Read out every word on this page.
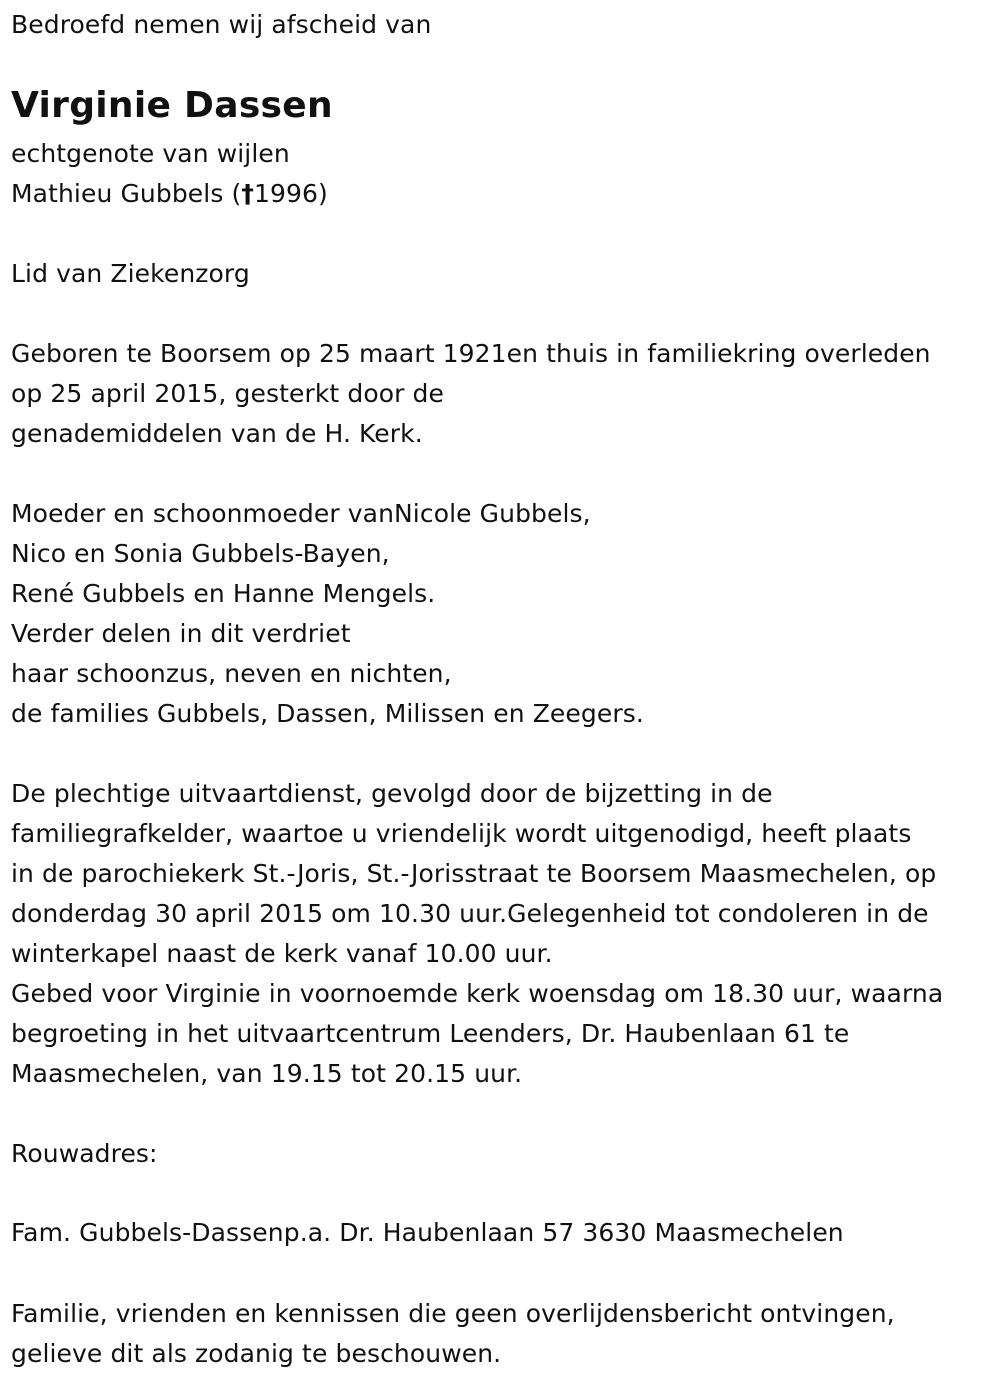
Bedroefd nemen wij afscheid van

Virginie Dassen

echtgenote van wijlen

Mathieu Gubbels (†1996)

Lid van Ziekenzorg

Geboren te Boorsem op 25 maart 1921en thuis in familiekring overleden

op 25 april 2015, gesterkt door de

genademiddelen van de H. Kerk.

Moeder en schoonmoeder vanNicole Gubbels,

Nico en Sonia Gubbels-Bayen,

René Gubbels en Hanne Mengels.

Verder delen in dit verdriet

haar schoonzus, neven en nichten,

de families Gubbels, Dassen, Milissen en Zeegers.

De plechtige uitvaartdienst, gevolgd door de bijzetting in de

familiegrafkelder, waartoe u vriendelijk wordt uitgenodigd, heeft plaats

in de parochiekerk St.-Joris, St.-Jorisstraat te Boorsem Maasmechelen, op

donderdag 30 april 2015 om 10.30 uur.Gelegenheid tot condoleren in de

winterkapel naast de kerk vanaf 10.00 uur.

Gebed voor Virginie in voornoemde kerk woensdag om 18.30 uur, waarna

begroeting in het uitvaartcentrum Leenders, Dr. Haubenlaan 61 te

Maasmechelen, van 19.15 tot 20.15 uur.

Rouwadres:

Fam. Gubbels-Dassenp.a. Dr. Haubenlaan 57 3630 Maasmechelen

Familie, vrienden en kennissen die geen overlijdensbericht ontvingen,

gelieve dit als zodanig te beschouwen.
